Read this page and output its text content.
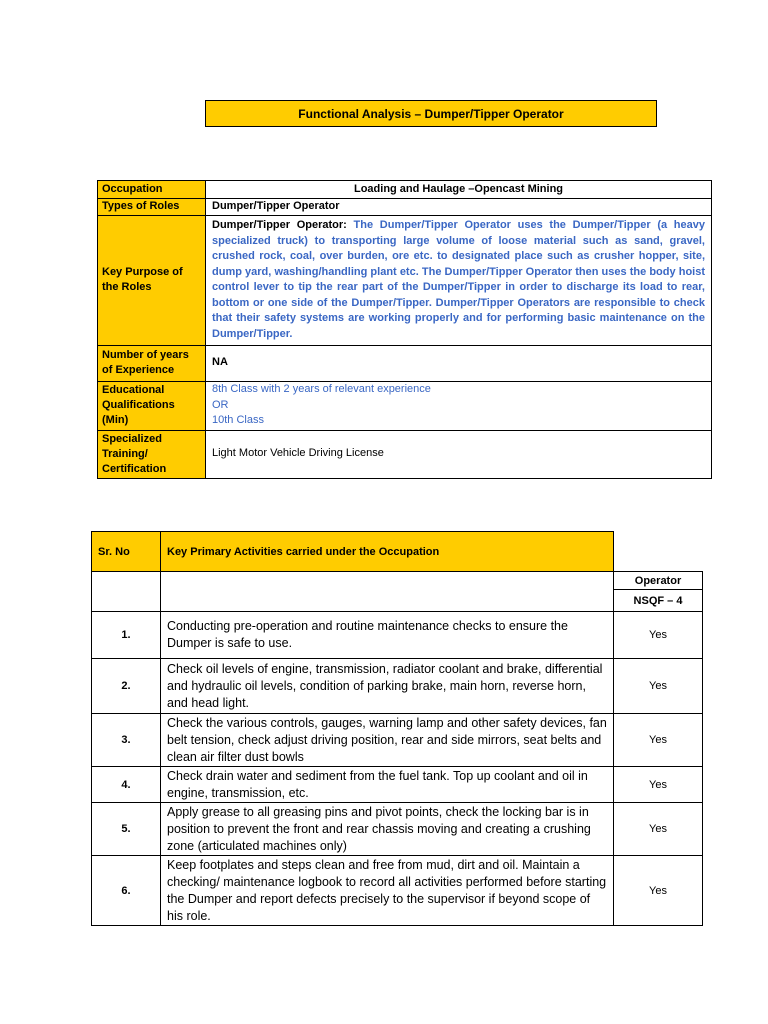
Functional Analysis – Dumper/Tipper Operator
Occupation	Loading and Haulage –Opencast Mining
Types of Roles	Dumper/Tipper Operator
Key Purpose of the Roles	Dumper/Tipper Operator: The Dumper/Tipper Operator uses the Dumper/Tipper (a heavy specialized truck) to transporting large volume of loose material such as sand, gravel, crushed rock, coal, over burden, ore etc. to designated place such as crusher hopper, site, dump yard, washing/handling plant etc. The Dumper/Tipper Operator then uses the body hoist control lever to tip the rear part of the Dumper/Tipper in order to discharge its load to rear, bottom or one side of the Dumper/Tipper. Dumper/Tipper Operators are responsible to check that their safety systems are working properly and for performing basic maintenance on the Dumper/Tipper.
Number of years of Experience	NA
Educational Qualifications (Min)	8th Class with 2 years of relevant experience
OR
10th Class

Specialized Training/ Certification	Light Motor Vehicle Driving License
Sr. No	Key Primary Activities carried under the Occupation	
		Operator
		NSQF – 4
1.	Conducting pre-operation and routine maintenance checks to ensure the Dumper is safe to use.	Yes
2.	Check oil levels of engine, transmission, radiator coolant and brake, differential and hydraulic oil levels, condition of parking brake, main horn, reverse horn, and head light.	Yes
3.	Check the various controls, gauges, warning lamp and other safety devices, fan belt tension, check adjust driving position, rear and side mirrors, seat belts and clean air filter dust bowls	Yes
4.	Check drain water and sediment from the fuel tank. Top up coolant and oil in engine, transmission, etc.	Yes
5.	Apply grease to all greasing pins and pivot points, check the locking bar is in position to prevent the front and rear chassis moving and creating a crushing zone (articulated machines only)	Yes
6.	Keep footplates and steps clean and free from mud, dirt and oil. Maintain a checking/ maintenance logbook to record all activities performed before starting the Dumper and report defects precisely to the supervisor if beyond scope of his role.	Yes
